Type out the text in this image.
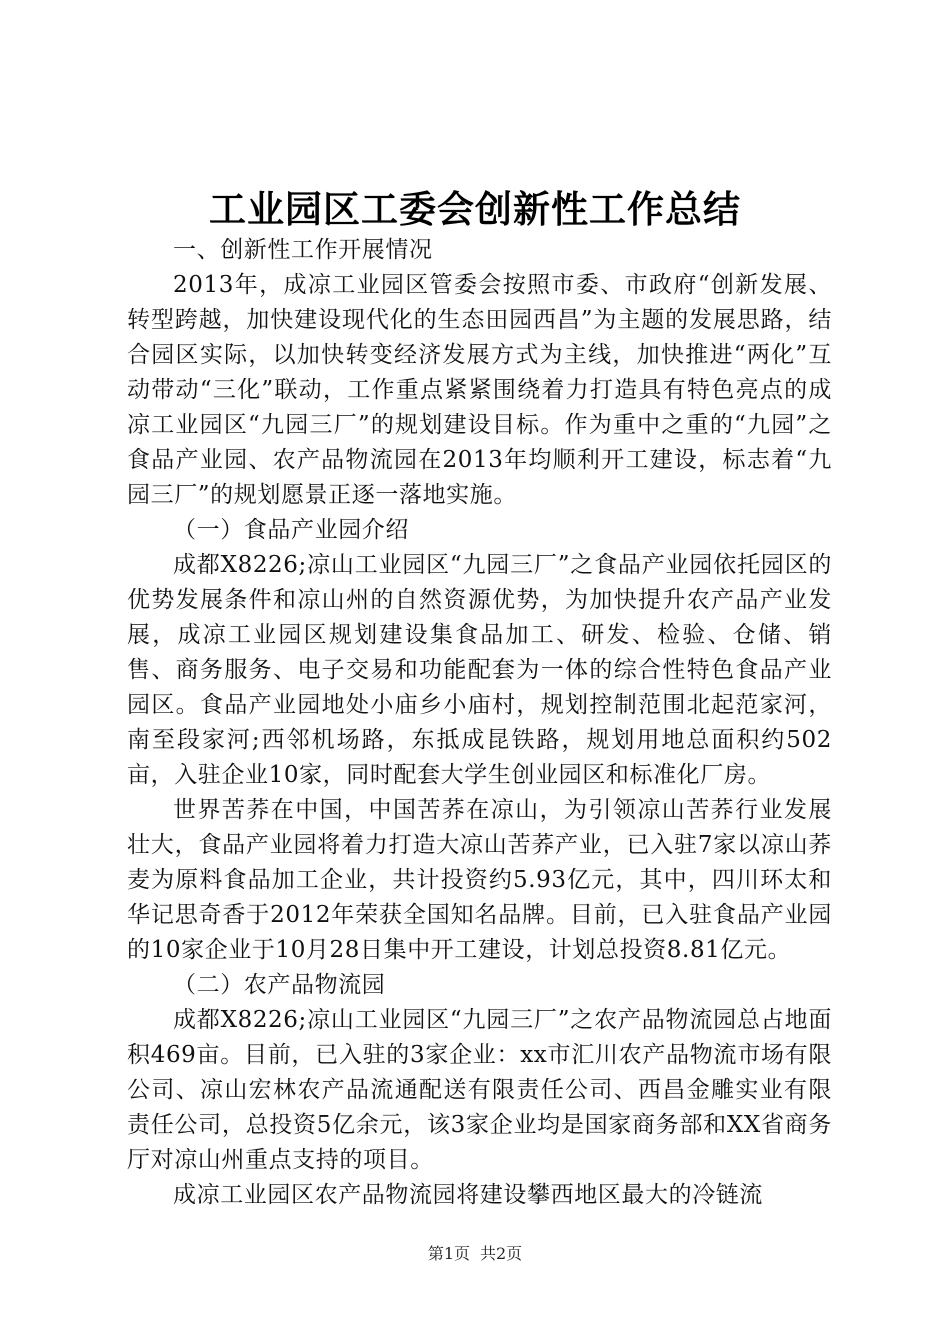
工业园区工委会创新性工作总结

一、创新性工作开展情况

2013年，成凉工业园区管委会按照市委、市政府“创新发展、转型跨越，加快建设现代化的生态田园西昌”为主题的发展思路，结合园区实际，以加快转变经济发展方式为主线，加快推进“两化”互动带动“三化”联动，工作重点紧紧围绕着力打造具有特色亮点的成凉工业园区“九园三厂”的规划建设目标。作为重中之重的“九园”之食品产业园、农产品物流园在2013年均顺利开工建设，标志着“九园三厂”的规划愿景正逐一落地实施。

（一）食品产业园介绍

成都X8226;凉山工业园区“九园三厂”之食品产业园依托园区的优势发展条件和凉山州的自然资源优势，为加快提升农产品产业发展，成凉工业园区规划建设集食品加工、研发、检验、仓储、销售、商务服务、电子交易和功能配套为一体的综合性特色食品产业园区。食品产业园地处小庙乡小庙村，规划控制范围北起范家河，南至段家河;西邻机场路，东抵成昆铁路，规划用地总面积约502亩，入驻企业10家，同时配套大学生创业园区和标准化厂房。

世界苦荞在中国，中国苦荞在凉山，为引领凉山苦荞行业发展壮大，食品产业园将着力打造大凉山苦荞产业，已入驻7家以凉山荞麦为原料食品加工企业，共计投资约5.93亿元，其中，四川环太和华记思奇香于2012年荣获全国知名品牌。目前，已入驻食品产业园的10家企业于10月28日集中开工建设，计划总投资8.81亿元。

（二）农产品物流园

成都X8226;凉山工业园区“九园三厂”之农产品物流园总占地面积469亩。目前，已入驻的3家企业：xx市汇川农产品物流市场有限公司、凉山宏林农产品流通配送有限责任公司、西昌金雕实业有限责任公司，总投资5亿余元，该3家企业均是国家商务部和XX省商务厅对凉山州重点支持的项目。

成凉工业园区农产品物流园将建设攀西地区最大的冷链流

第1页 共2页
